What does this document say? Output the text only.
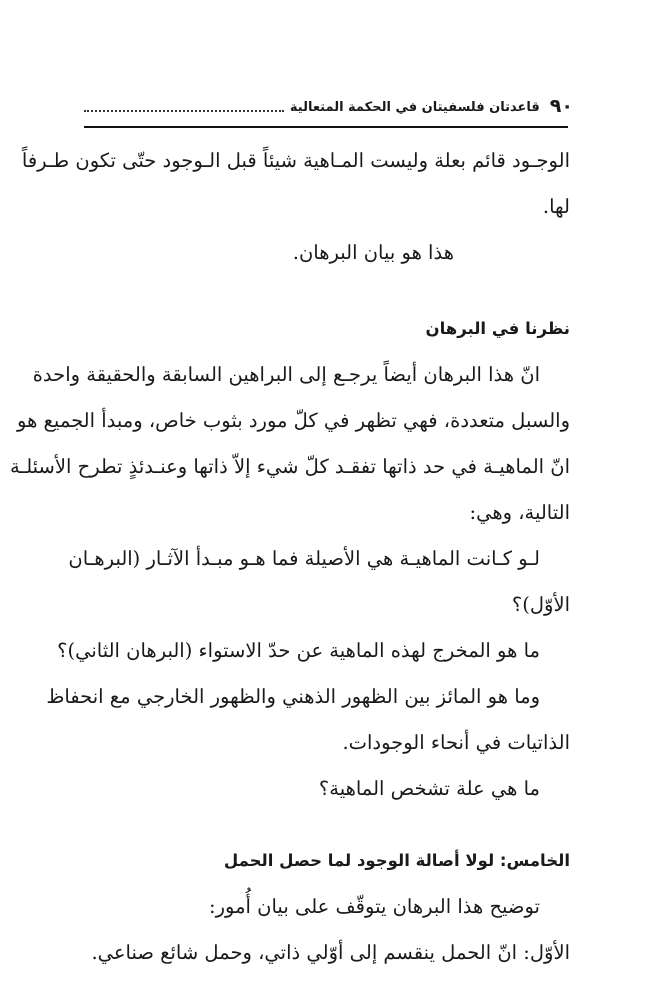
٩٠
قاعدتان فلسفيتان في الحكمة المتعالية
الوجـود قائم بعلة وليست المـاهية شيئاً قبل الـوجود حتّى تكون طـرفاً
لها.
هذا هو بيان البرهان.
نظرنا في البرهان
انّ هذا البرهان أيضاً يرجـع إلى البراهين السابقة والحقيقة واحدة
والسبل متعددة، فهي تظهر في كلّ مورد بثوب خاص، ومبدأ الجميع هو
انّ الماهيـة في حد ذاتها تفقـد كلّ شيء إلاّ ذاتها وعنـدئذٍ تطرح الأسئلـة
التالية، وهي:
لـو كـانت الماهيـة هي الأصيلة فما هـو مبـدأ الآثـار (البرهـان
الأوّل)؟
ما هو المخرج لهذه الماهية عن حدّ الاستواء (البرهان الثاني)؟
وما هو المائز بين الظهور الذهني والظهور الخارجي مع انحفاظ
الذاتيات في أنحاء الوجودات.
ما هي علة تشخص الماهية؟
الخامس: لولا أصالة الوجود لما حصل الحمل
توضيح هذا البرهان يتوقّف على بيان أُمور:
الأوّل: انّ الحمل ينقسم إلى أوّلي ذاتي، وحمل شائع صناعي.
